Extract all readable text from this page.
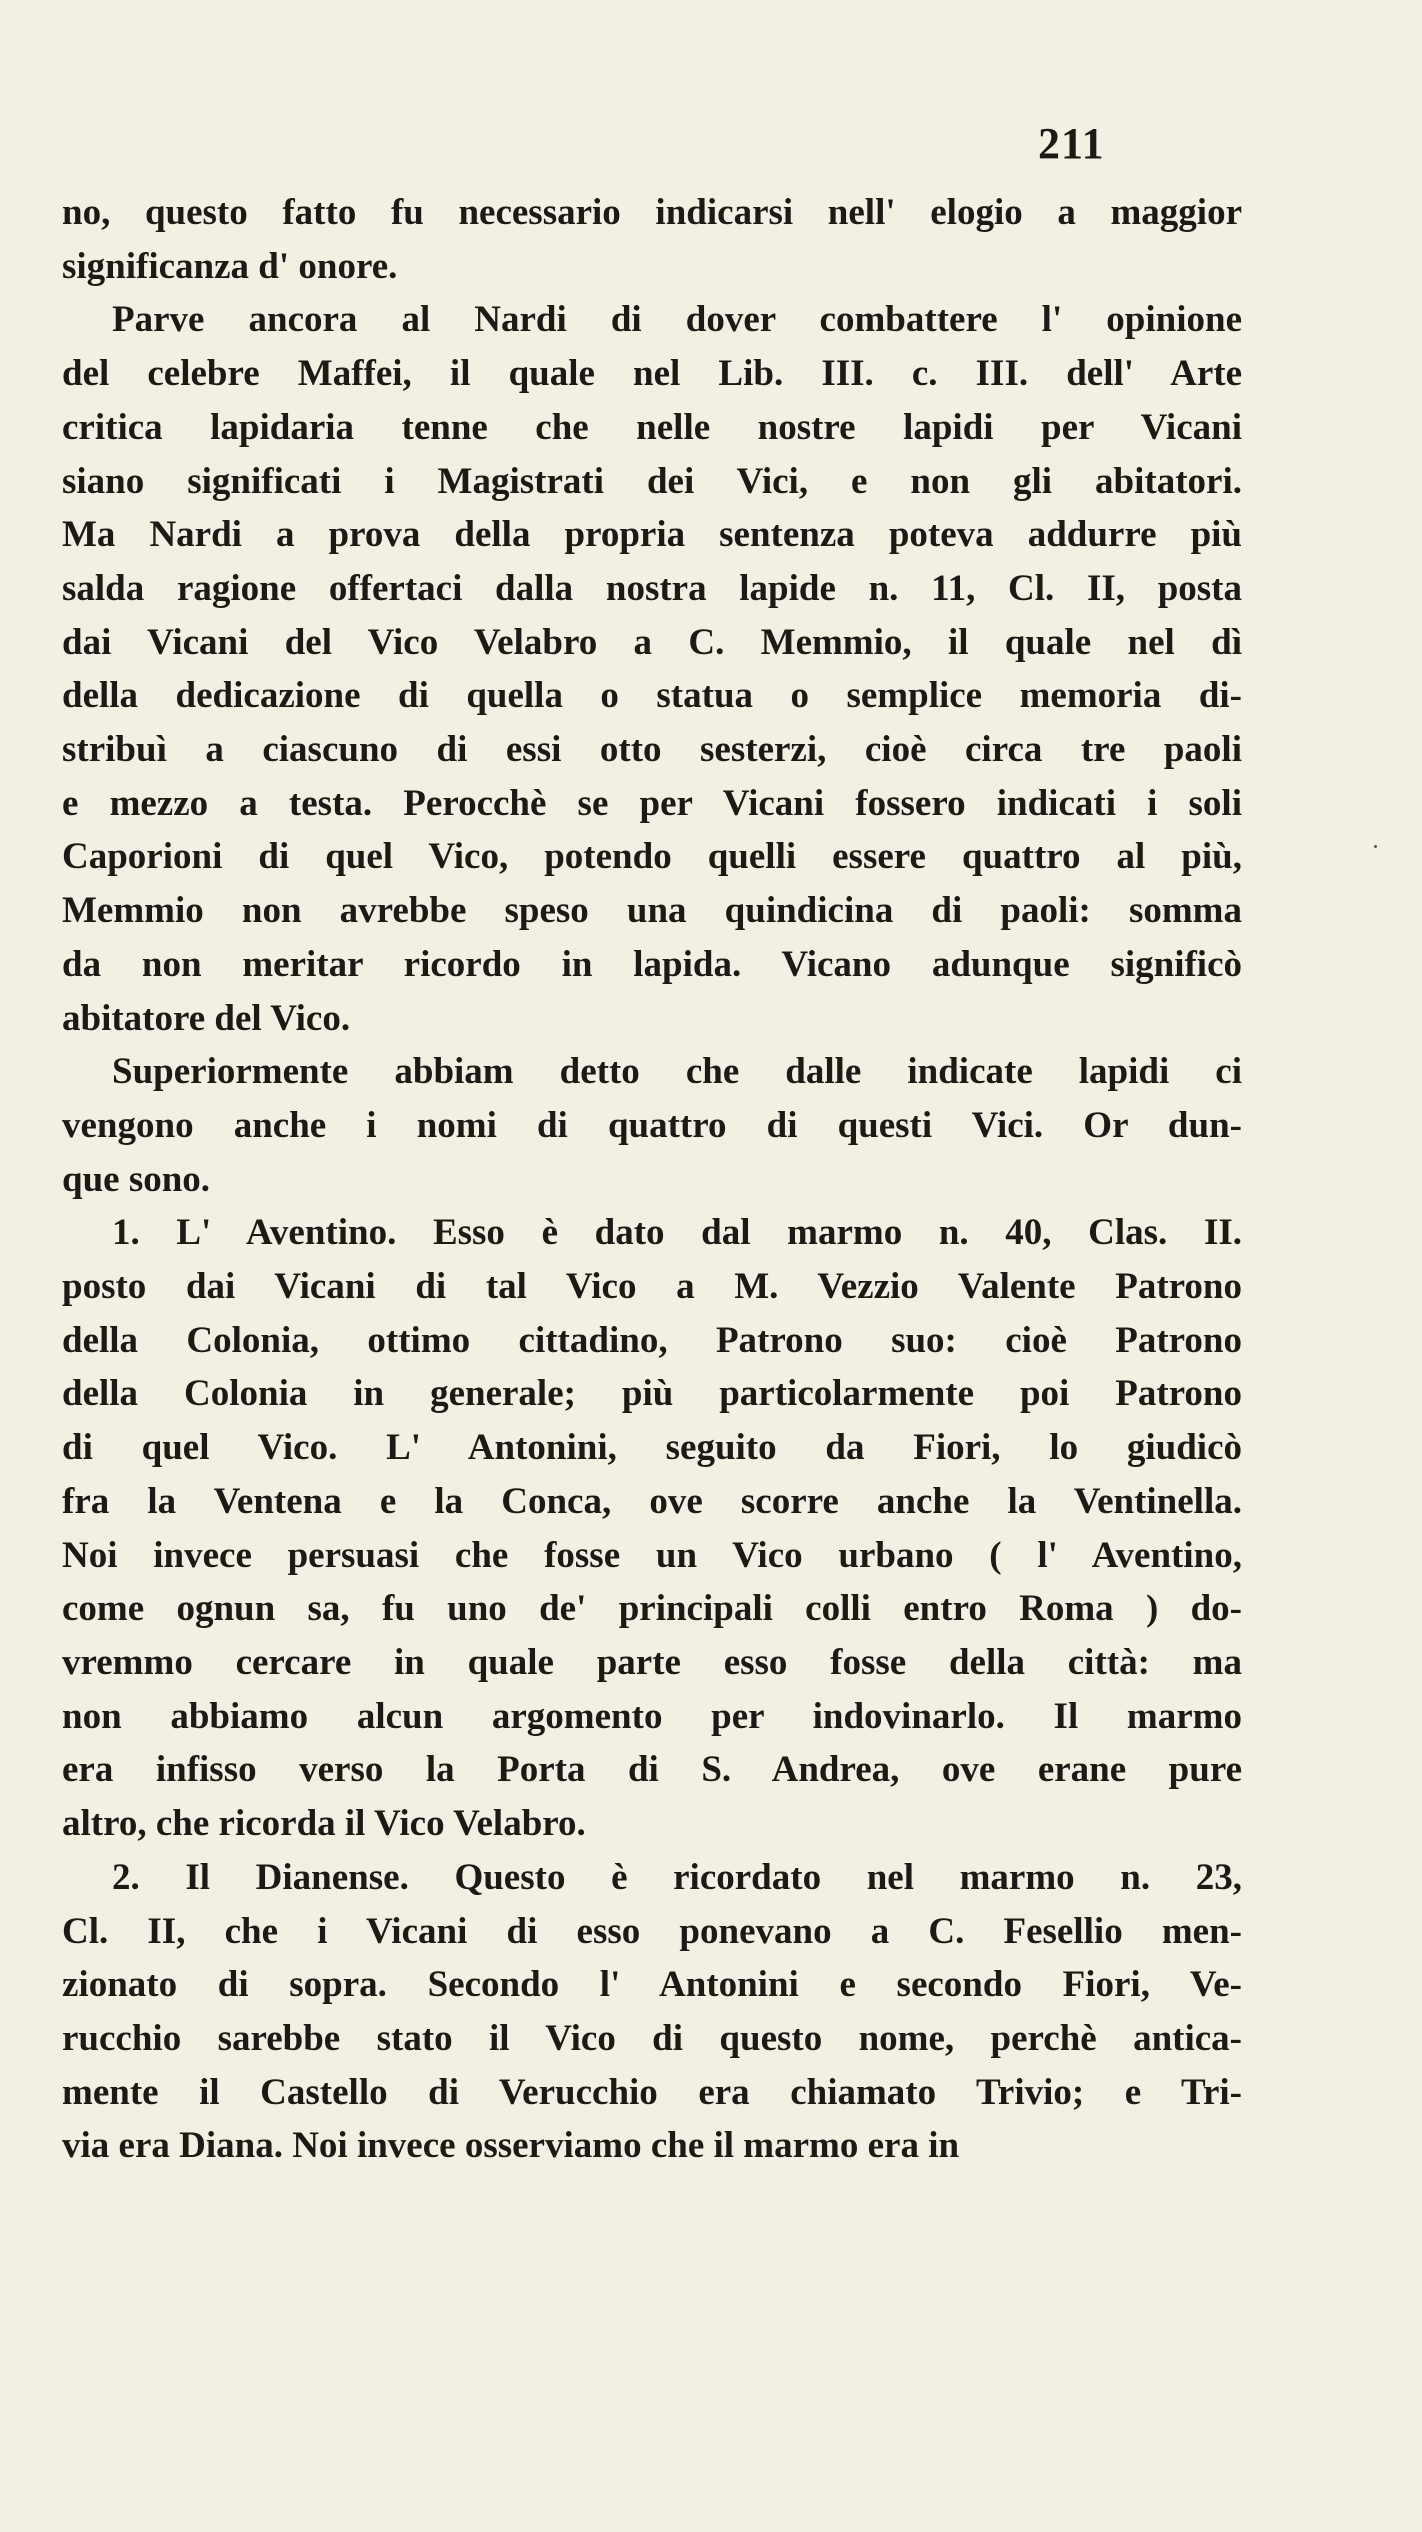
211
no, questo fatto fu necessario indicarsi nell' elogio a maggior
significanza d' onore.
Parve ancora al Nardi di dover combattere l' opinione
del celebre Maffei, il quale nel Lib. III. c. III. dell' Arte
critica lapidaria tenne che nelle nostre lapidi per Vicani
siano significati i Magistrati dei Vici, e non gli abitatori.
Ma Nardi a prova della propria sentenza poteva addurre più
salda ragione offertaci dalla nostra lapide n. 11, Cl. II, posta
dai Vicani del Vico Velabro a C. Memmio, il quale nel dì
della dedicazione di quella o statua o semplice memoria di-
stribuì a ciascuno di essi otto sesterzi, cioè circa tre paoli
e mezzo a testa. Perocchè se per Vicani fossero indicati i soli
Caporioni di quel Vico, potendo quelli essere quattro al più,
Memmio non avrebbe speso una quindicina di paoli: somma
da non meritar ricordo in lapida. Vicano adunque significò
abitatore del Vico.
Superiormente abbiam detto che dalle indicate lapidi ci
vengono anche i nomi di quattro di questi Vici. Or dun-
que sono.
1. L' Aventino. Esso è dato dal marmo n. 40, Clas. II.
posto dai Vicani di tal Vico a M. Vezzio Valente Patrono
della Colonia, ottimo cittadino, Patrono suo: cioè Patrono
della Colonia in generale; più particolarmente poi Patrono
di quel Vico. L' Antonini, seguito da Fiori, lo giudicò
fra la Ventena e la Conca, ove scorre anche la Ventinella.
Noi invece persuasi che fosse un Vico urbano ( l' Aventino,
come ognun sa, fu uno de' principali colli entro Roma ) do-
vremmo cercare in quale parte esso fosse della città: ma
non abbiamo alcun argomento per indovinarlo. Il marmo
era infisso verso la Porta di S. Andrea, ove erane pure
altro, che ricorda il Vico Velabro.
2. Il Dianense. Questo è ricordato nel marmo n. 23,
Cl. II, che i Vicani di esso ponevano a C. Fesellio men-
zionato di sopra. Secondo l' Antonini e secondo Fiori, Ve-
rucchio sarebbe stato il Vico di questo nome, perchè antica-
mente il Castello di Verucchio era chiamato Trivio; e Tri-
via era Diana. Noi invece osserviamo che il marmo era in
